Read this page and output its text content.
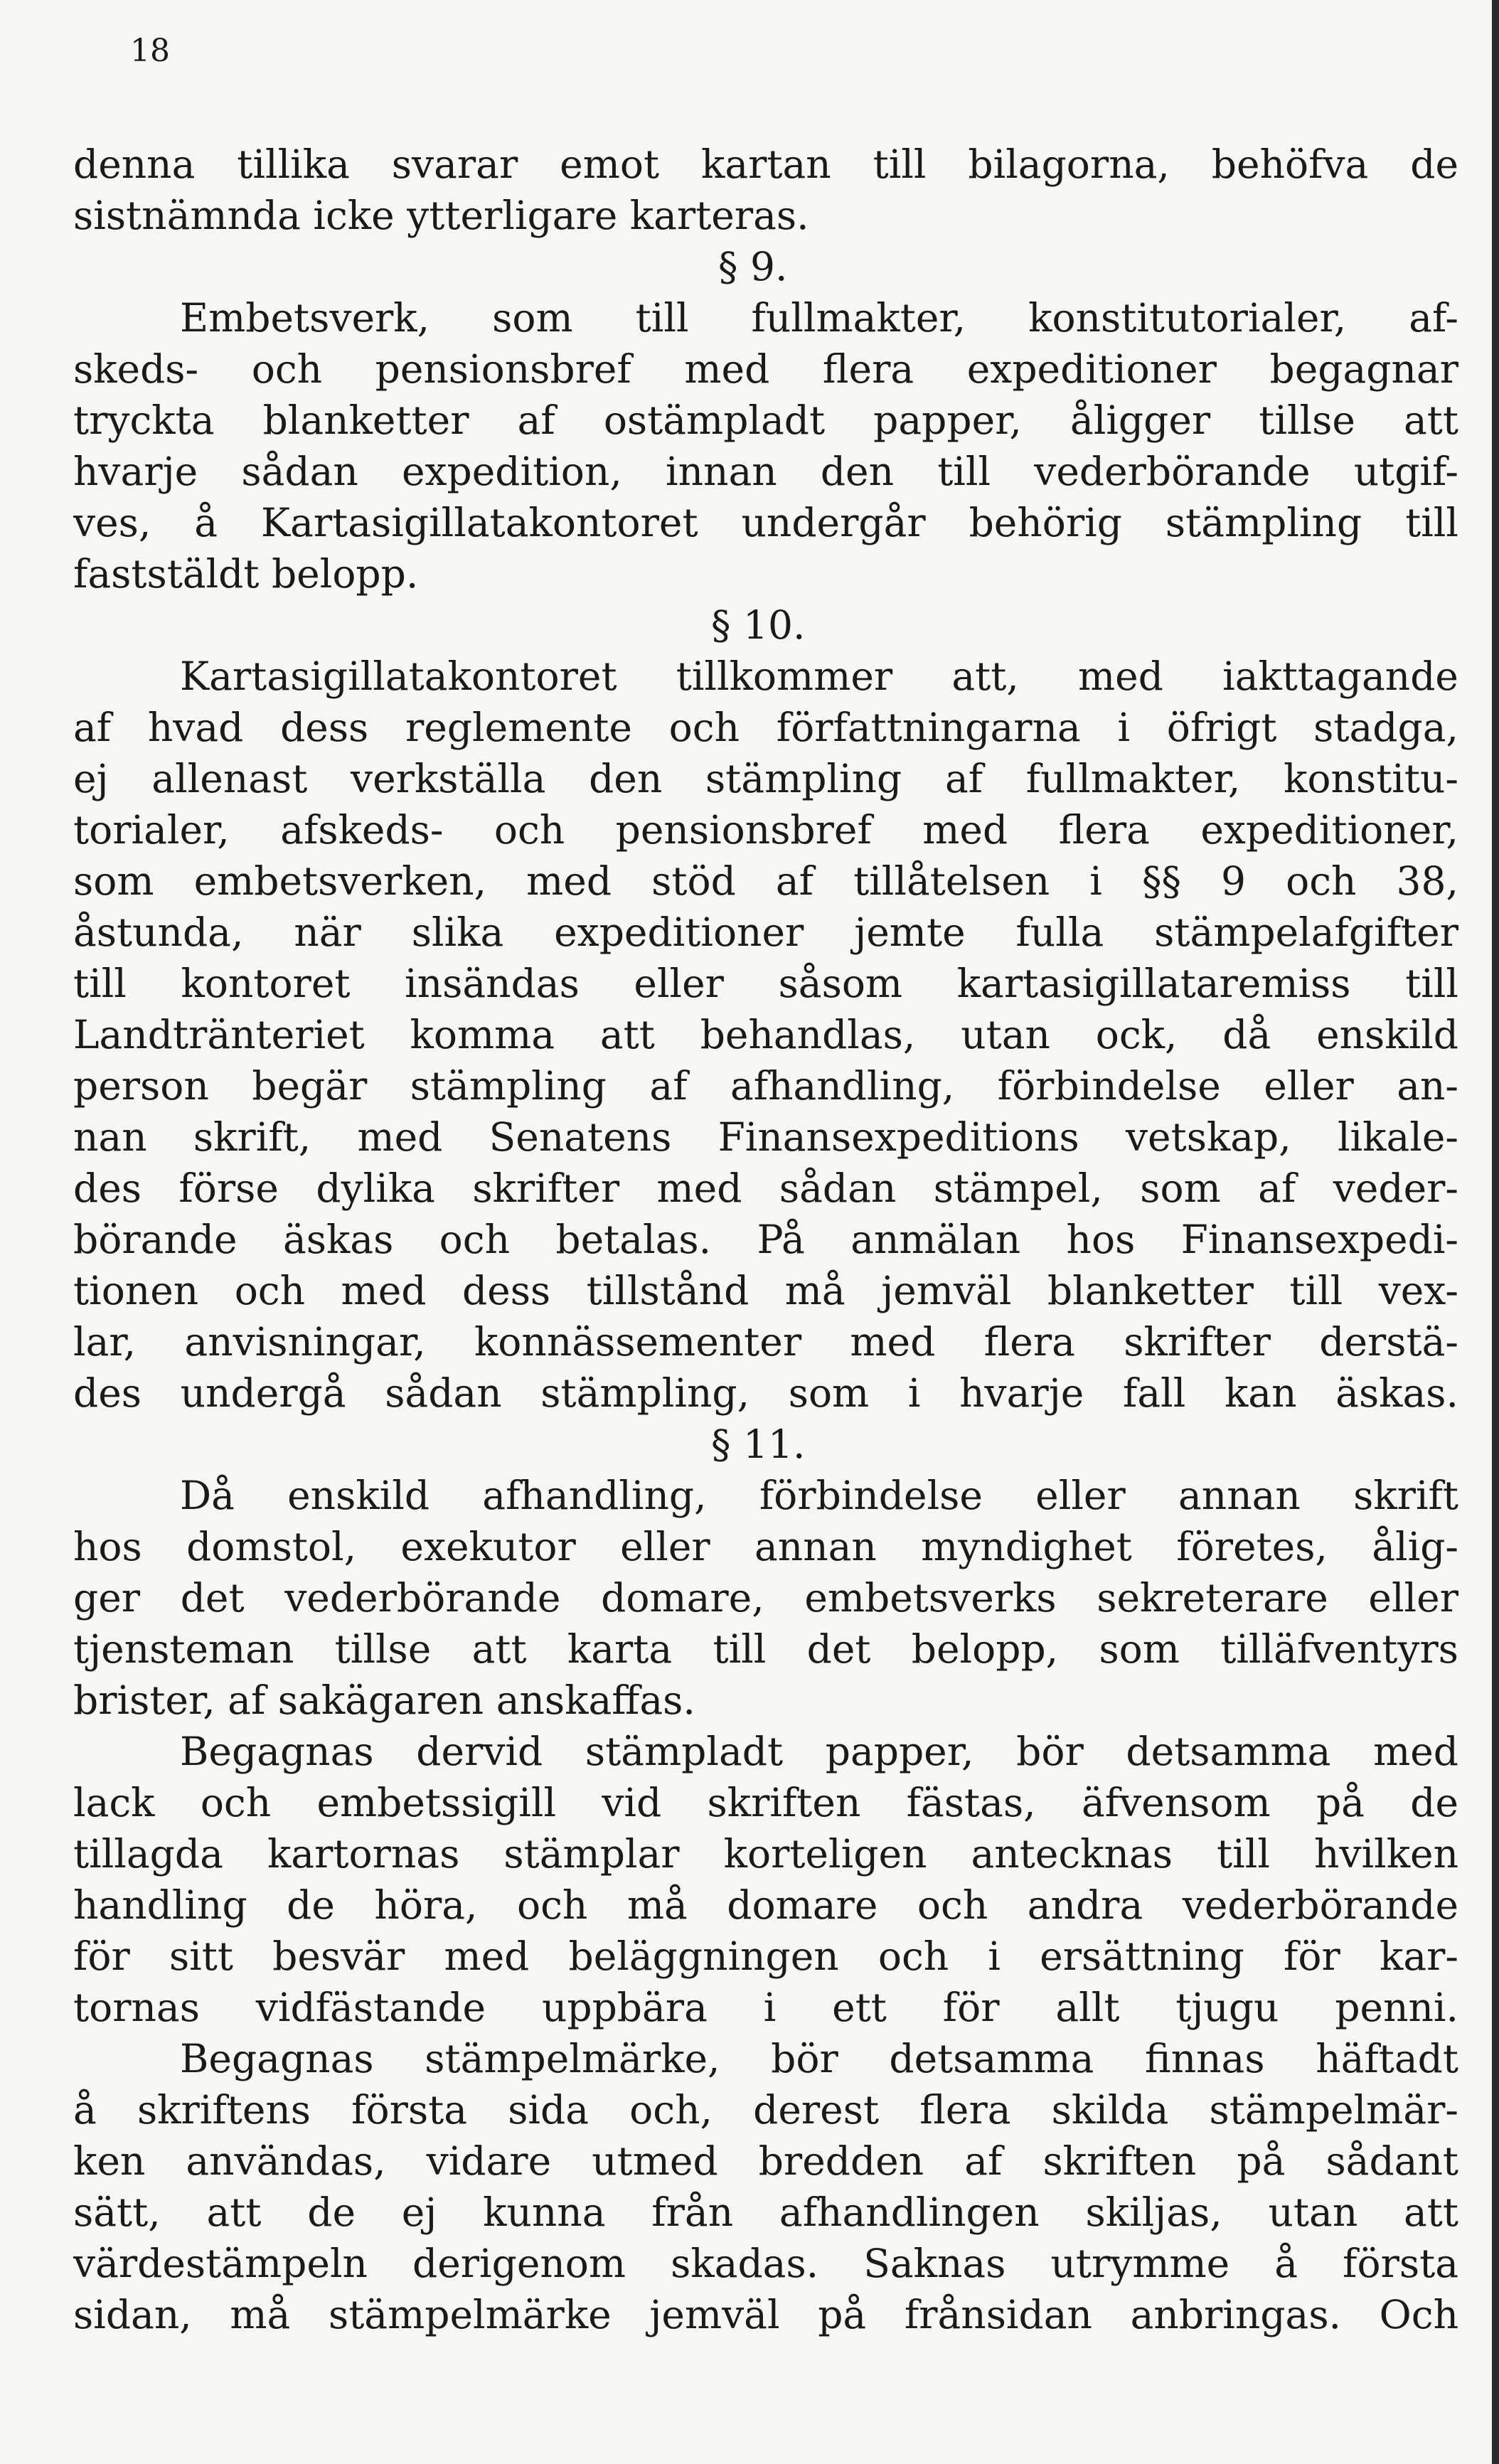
18
denna tillika svarar emot kartan till bilagorna, behöfva de
sistnämnda icke ytterligare karteras.
§ 9.
Embetsverk, som till fullmakter, konstitutorialer, af-
skeds- och pensionsbref med flera expeditioner begagnar
tryckta blanketter af ostämpladt papper, åligger tillse att
hvarje sådan expedition, innan den till vederbörande utgif-
ves, å Kartasigillatakontoret undergår behörig stämpling till
faststäldt belopp.
§ 10.
Kartasigillatakontoret tillkommer att, med iakttagande
af hvad dess reglemente och författningarna i öfrigt stadga,
ej allenast verkställa den stämpling af fullmakter, konstitu-
torialer, afskeds- och pensionsbref med flera expeditioner,
som embetsverken, med stöd af tillåtelsen i §§ 9 och 38,
åstunda, när slika expeditioner jemte fulla stämpelafgifter
till kontoret insändas eller såsom kartasigillataremiss till
Landtränteriet komma att behandlas, utan ock, då enskild
person begär stämpling af afhandling, förbindelse eller an-
nan skrift, med Senatens Finansexpeditions vetskap, likale-
des förse dylika skrifter med sådan stämpel, som af veder-
börande äskas och betalas. På anmälan hos Finansexpedi-
tionen och med dess tillstånd må jemväl blanketter till vex-
lar, anvisningar, konnässementer med flera skrifter derstä-
des undergå sådan stämpling, som i hvarje fall kan äskas.
§ 11.
Då enskild afhandling, förbindelse eller annan skrift
hos domstol, exekutor eller annan myndighet företes, ålig-
ger det vederbörande domare, embetsverks sekreterare eller
tjensteman tillse att karta till det belopp, som tilläfventyrs
brister, af sakägaren anskaffas.
Begagnas dervid stämpladt papper, bör detsamma med
lack och embetssigill vid skriften fästas, äfvensom på de
tillagda kartornas stämplar korteligen antecknas till hvilken
handling de höra, och må domare och andra vederbörande
för sitt besvär med beläggningen och i ersättning för kar-
tornas vidfästande uppbära i ett för allt tjugu penni.
Begagnas stämpelmärke, bör detsamma finnas häftadt
å skriftens första sida och, derest flera skilda stämpelmär-
ken användas, vidare utmed bredden af skriften på sådant
sätt, att de ej kunna från afhandlingen skiljas, utan att
värdestämpeln derigenom skadas. Saknas utrymme å första
sidan, må stämpelmärke jemväl på frånsidan anbringas. Och
